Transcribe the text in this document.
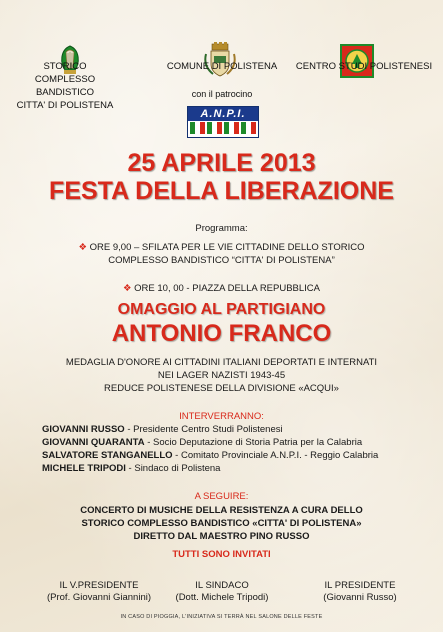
STORICO COMPLESSO
BANDISTICO
CITTA' DI POLISTENA
COMUNE DI POLISTENA	CENTRO STUDI POLISTENESI
con il patrocino
A.N.P.I.
25 APRILE 2013
FESTA DELLA LIBERAZIONE
Programma:
❖ ORE 9,00 – SFILATA PER LE VIE CITTADINE DELLO STORICO
COMPLESSO BANDISTICO “CITTA' DI POLISTENA”
❖ ORE 10, 00 - PIAZZA DELLA REPUBBLICA
OMAGGIO AL PARTIGIANO
ANTONIO FRANCO
MEDAGLIA D'ONORE AI CITTADINI ITALIANI DEPORTATI E INTERNATI
NEI LAGER NAZISTI 1943-45
REDUCE POLISTENESE DELLA DIVISIONE «ACQUI»
INTERVERRANNO:
GIOVANNI RUSSO - Presidente Centro Studi Polistenesi
GIOVANNI QUARANTA - Socio Deputazione di Storia Patria per la Calabria
SALVATORE STANGANELLO - Comitato Provinciale A.N.P.I. - Reggio Calabria
MICHELE TRIPODI - Sindaco di Polistena
A SEGUIRE:
CONCERTO DI MUSICHE DELLA RESISTENZA A CURA DELLO
STORICO COMPLESSO BANDISTICO «CITTA' DI POLISTENA»
DIRETTO DAL MAESTRO PINO RUSSO
TUTTI SONO INVITATI
IL V.PRESIDENTE
(Prof. Giovanni Giannini)
IL SINDACO
(Dott. Michele Tripodi)
IL PRESIDENTE
(Giovanni Russo)
IN CASO DI PIOGGIA, L'INIZIATIVA SI TERRÀ NEL SALONE DELLE FESTE
